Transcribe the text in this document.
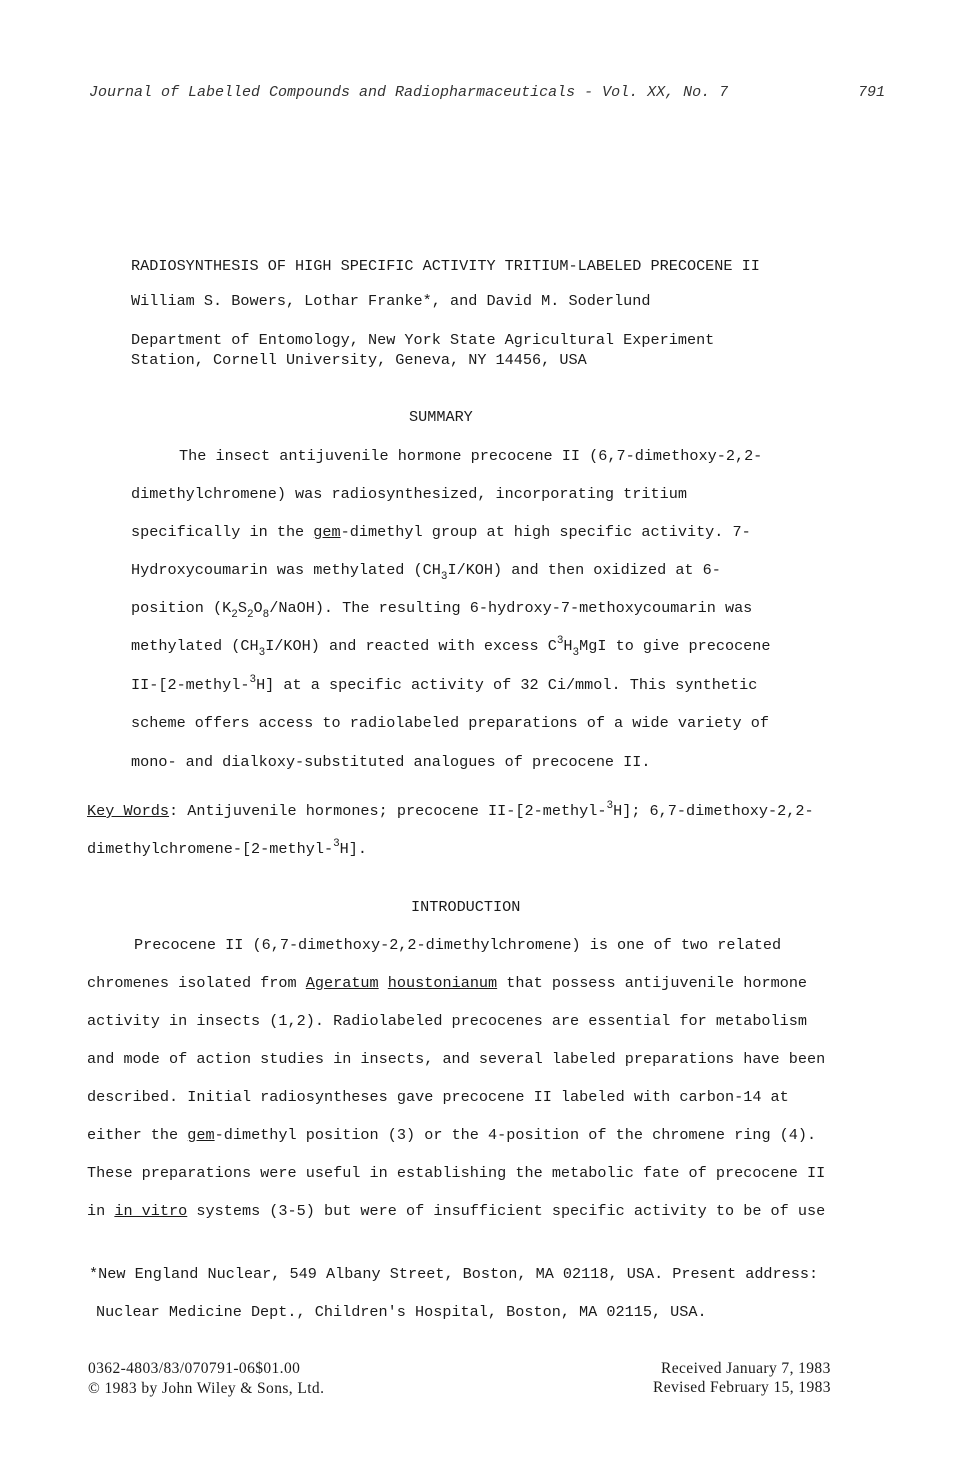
Journal of Labelled Compounds and Radiopharmaceuticals - Vol. XX, No. 7	791
RADIOSYNTHESIS OF HIGH SPECIFIC ACTIVITY TRITIUM-LABELED PRECOCENE II
William S. Bowers, Lothar Franke*, and David M. Soderlund
Department of Entomology, New York State Agricultural Experiment
Station, Cornell University, Geneva, NY 14456, USA
SUMMARY
The insect antijuvenile hormone precocene II (6,7-dimethoxy-2,2-
dimethylchromene) was radiosynthesized, incorporating tritium
specifically in the gem-dimethyl group at high specific activity. 7-
Hydroxycoumarin was methylated $(CH_3I/KOH)$ and then oxidized at 6-
position $(K_2S_2O_8/NaOH)$. The resulting 6-hydroxy-7-methoxycoumarin was
methylated $(CH_3I/KOH)$ and reacted with excess $C^3H_3MgI$ to give precocene
II-[2-methyl-$^3$H] at a specific activity of 32 Ci/mmol. This synthetic
scheme offers access to radiolabeled preparations of a wide variety of
mono- and dialkoxy-substituted analogues of precocene II.
Key Words: Antijuvenile hormones; precocene II-[2-methyl-$^3$H]; 6,7-dimethoxy-2,2-
dimethylchromene-[2-methyl-$^3$H].
INTRODUCTION
Precocene II (6,7-dimethoxy-2,2-dimethylchromene) is one of two related
chromenes isolated from Ageratum houstonianum that possess antijuvenile hormone
activity in insects (1,2). Radiolabeled precocenes are essential for metabolism
and mode of action studies in insects, and several labeled preparations have been
described. Initial radiosyntheses gave precocene II labeled with carbon-14 at
either the gem-dimethyl position (3) or the 4-position of the chromene ring (4).
These preparations were useful in establishing the metabolic fate of precocene II
in in vitro systems (3-5) but were of insufficient specific activity to be of use
*New England Nuclear, 549 Albany Street, Boston, MA 02118, USA. Present address:
Nuclear Medicine Dept., Children's Hospital, Boston, MA 02115, USA.
0362-4803/83/070791-06$01.00
© 1983 by John Wiley & Sons, Ltd.
Received January 7, 1983
Revised February 15, 1983
